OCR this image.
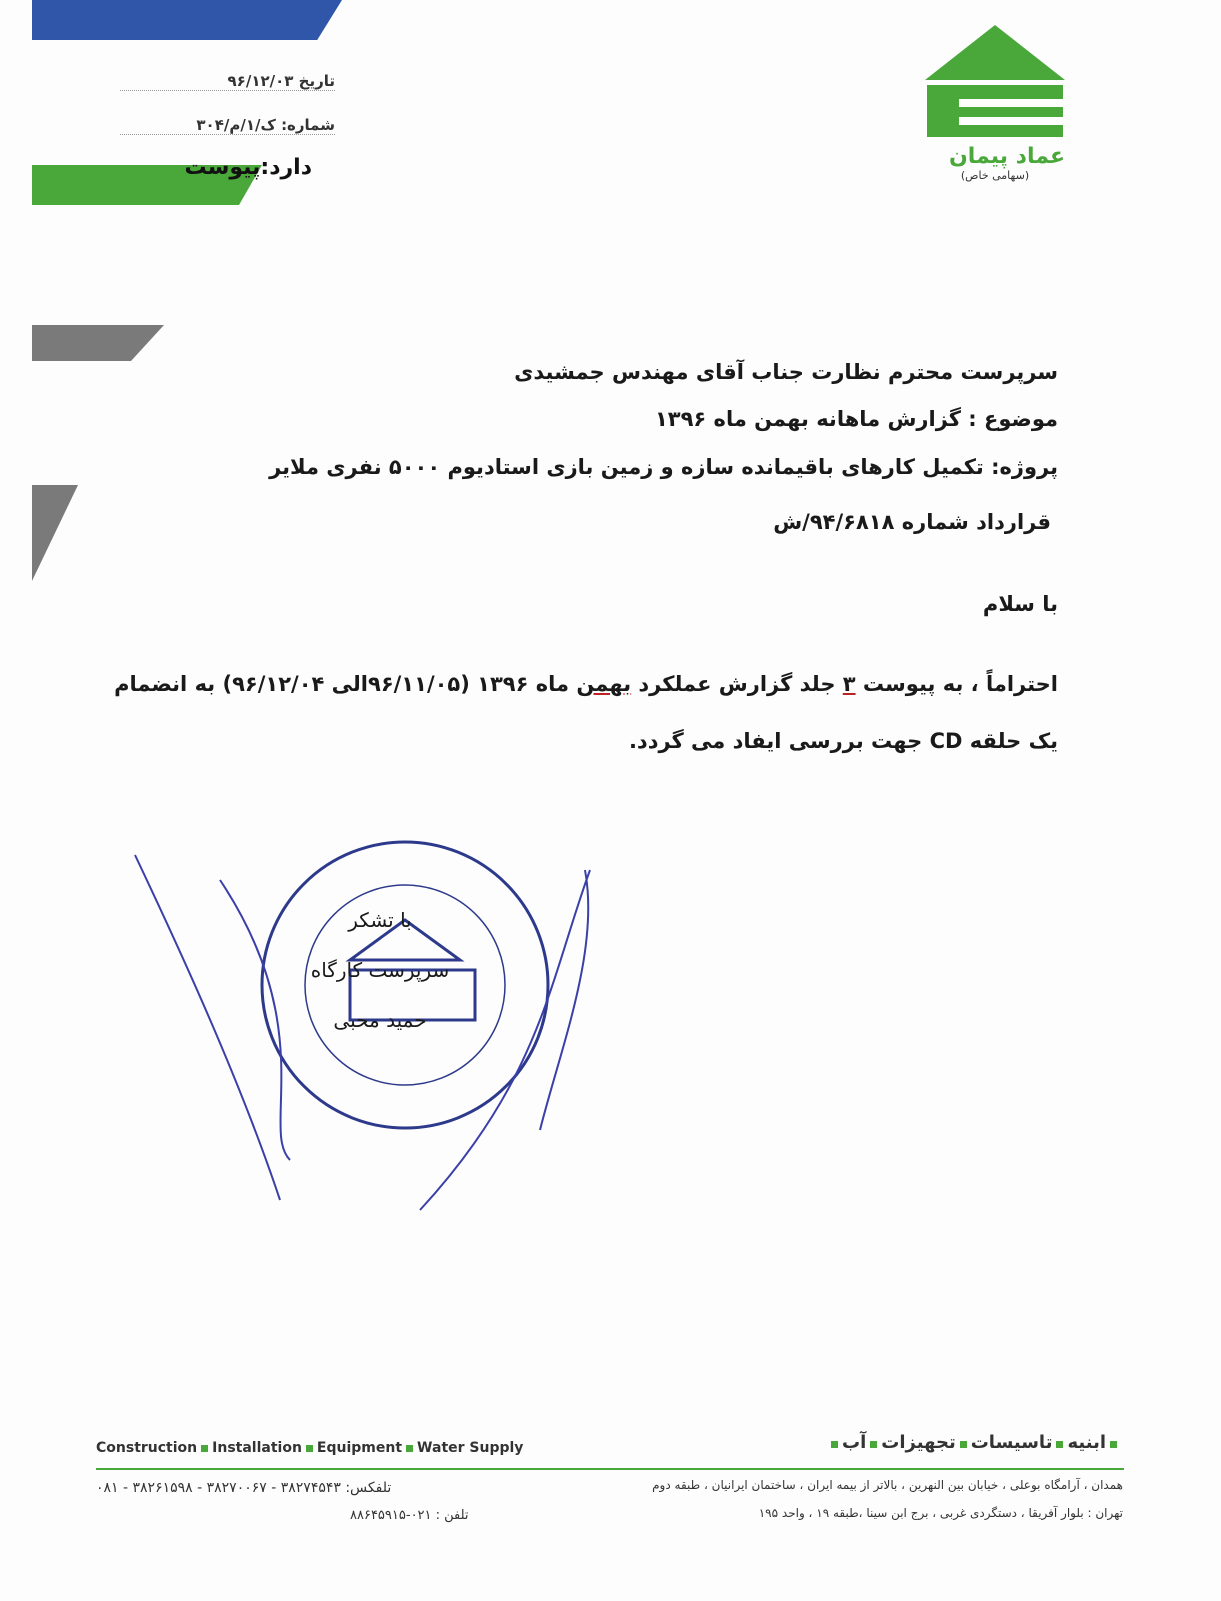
تاریخ ۹۶/۱۲/۰۳
شماره: ک/۱/م/۳۰۴
دارد:پیوست	عماد پیمان
(سهامی خاص)
سرپرست محترم نظارت جناب آقای مهندس جمشیدی
موضوع : گزارش ماهانه بهمن ماه ۱۳۹۶
پروژه: تکمیل کارهای باقیمانده سازه و زمین بازی استادیوم ۵۰۰۰ نفری ملایر
قرارداد شماره ۹۴/۶۸۱۸/ش
با سلام
احتراماً ، به پیوست ۳ جلد گزارش عملکرد بهمن ماه ۱۳۹۶ (۹۶/۱۱/۰۵الی ۹۶/۱۲/۰۴) به انضمام
یک حلقه CD جهت بررسی ایفاد می گردد.
با تشکر
سرپرست کارگاه
حمید محبی
Construction Installation Equipment Water Supply	ابنیهتاسیساتتجهیزاتآب
همدان ، آرامگاه بوعلی ، خیابان بین النهرین ، بالاتر از بیمه ایران ، ساختمان ایرانیان ، طبقه دوم
تلفکس: ۳۸۲۷۴۵۴۳ - ۳۸۲۷۰۰۶۷ - ۳۸۲۶۱۵۹۸ - ۰۸۱
تهران : بلوار آفریقا ، دستگردی غربی ، برج ابن سینا ،طبقه ۱۹ ، واحد ۱۹۵
تلفن : ۰۲۱-۸۸۶۴۵۹۱۵
